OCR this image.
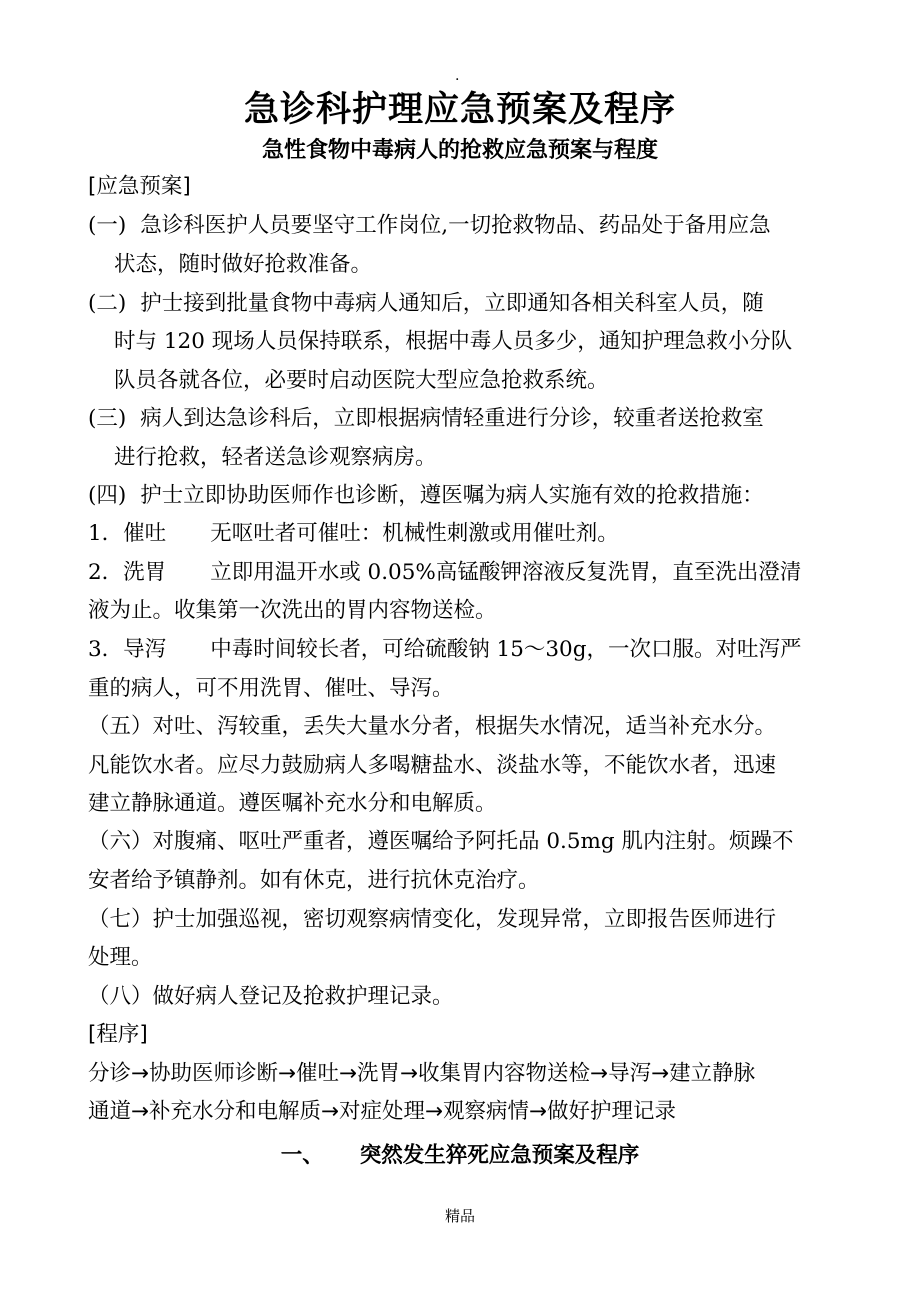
.
急诊科护理应急预案及程序
急性食物中毒病人的抢救应急预案与程度
[应急预案]
(一) 急诊科医护人员要坚守工作岗位,一切抢救物品、药品处于备用应急
状态，随时做好抢救准备。
(二) 护士接到批量食物中毒病人通知后，立即通知各相关科室人员，随
时与 120 现场人员保持联系，根据中毒人员多少，通知护理急救小分队
队员各就各位，必要时启动医院大型应急抢救系统。
(三) 病人到达急诊科后，立即根据病情轻重进行分诊，较重者送抢救室
进行抢救，轻者送急诊观察病房。
(四) 护士立即协助医师作也诊断，遵医嘱为病人实施有效的抢救措施：
1．催吐 无呕吐者可催吐：机械性刺激或用催吐剂。
2．洗胃 立即用温开水或 0.05%高锰酸钾溶液反复洗胃，直至洗出澄清
液为止。收集第一次洗出的胃内容物送检。
3．导泻 中毒时间较长者，可给硫酸钠 15～30g，一次口服。对吐泻严
重的病人，可不用洗胃、催吐、导泻。
（五）对吐、泻较重，丢失大量水分者，根据失水情况，适当补充水分。
凡能饮水者。应尽力鼓励病人多喝糖盐水、淡盐水等，不能饮水者，迅速
建立静脉通道。遵医嘱补充水分和电解质。
（六）对腹痛、呕吐严重者，遵医嘱给予阿托品 0.5mg 肌内注射。烦躁不
安者给予镇静剂。如有休克，进行抗休克治疗。
（七）护士加强巡视，密切观察病情变化，发现异常，立即报告医师进行
处理。
（八）做好病人登记及抢救护理记录。
[程序]
分诊→协助医师诊断→催吐→洗胃→收集胃内容物送检→导泻→建立静脉
通道→补充水分和电解质→对症处理→观察病情→做好护理记录
一、 突然发生猝死应急预案及程序
精品
